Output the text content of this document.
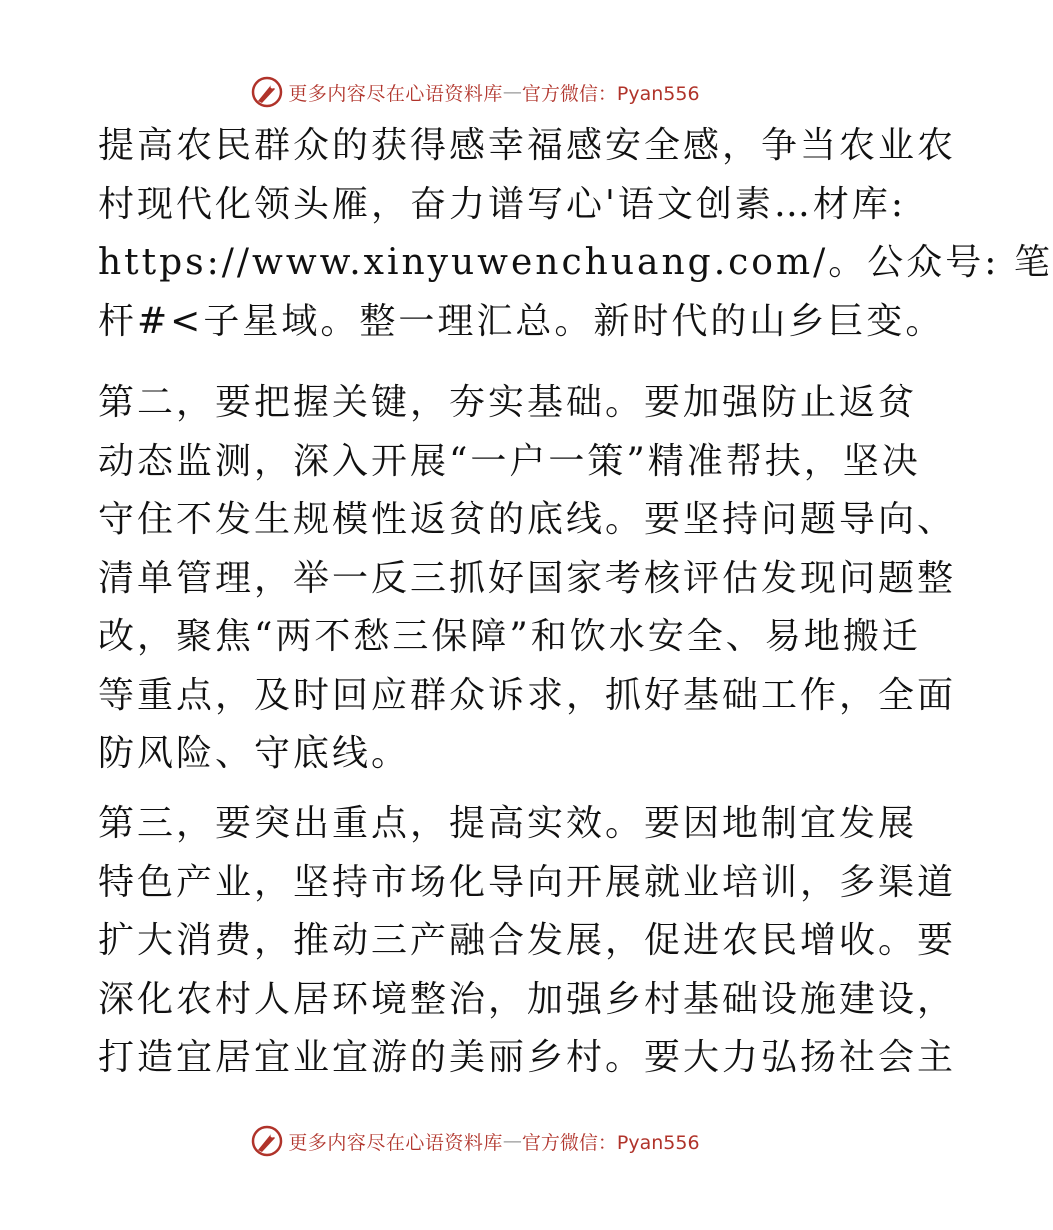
更多内容尽在心语资料库 — 官方微信：Pyan556
提高农民群众的获得感幸福感安全感，争当农业农
村现代化领头雁，奋力谱写心'语文创素…材库:
https://www.xinyuwenchuang.com/。公众号: 笔
杆#<子星域。整一理汇总。新时代的山乡巨变。
第二，要把握关键，夯实基础。要加强防止返贫
动态监测，深入开展“一户一策”精准帮扶，坚决
守住不发生规模性返贫的底线。要坚持问题导向、
清单管理，举一反三抓好国家考核评估发现问题整
改，聚焦“两不愁三保障”和饮水安全、易地搬迁
等重点，及时回应群众诉求，抓好基础工作，全面
防风险、守底线。
第三，要突出重点，提高实效。要因地制宜发展
特色产业，坚持市场化导向开展就业培训，多渠道
扩大消费，推动三产融合发展，促进农民增收。要
深化农村人居环境整治，加强乡村基础设施建设，
打造宜居宜业宜游的美丽乡村。要大力弘扬社会主
更多内容尽在心语资料库 — 官方微信：Pyan556
